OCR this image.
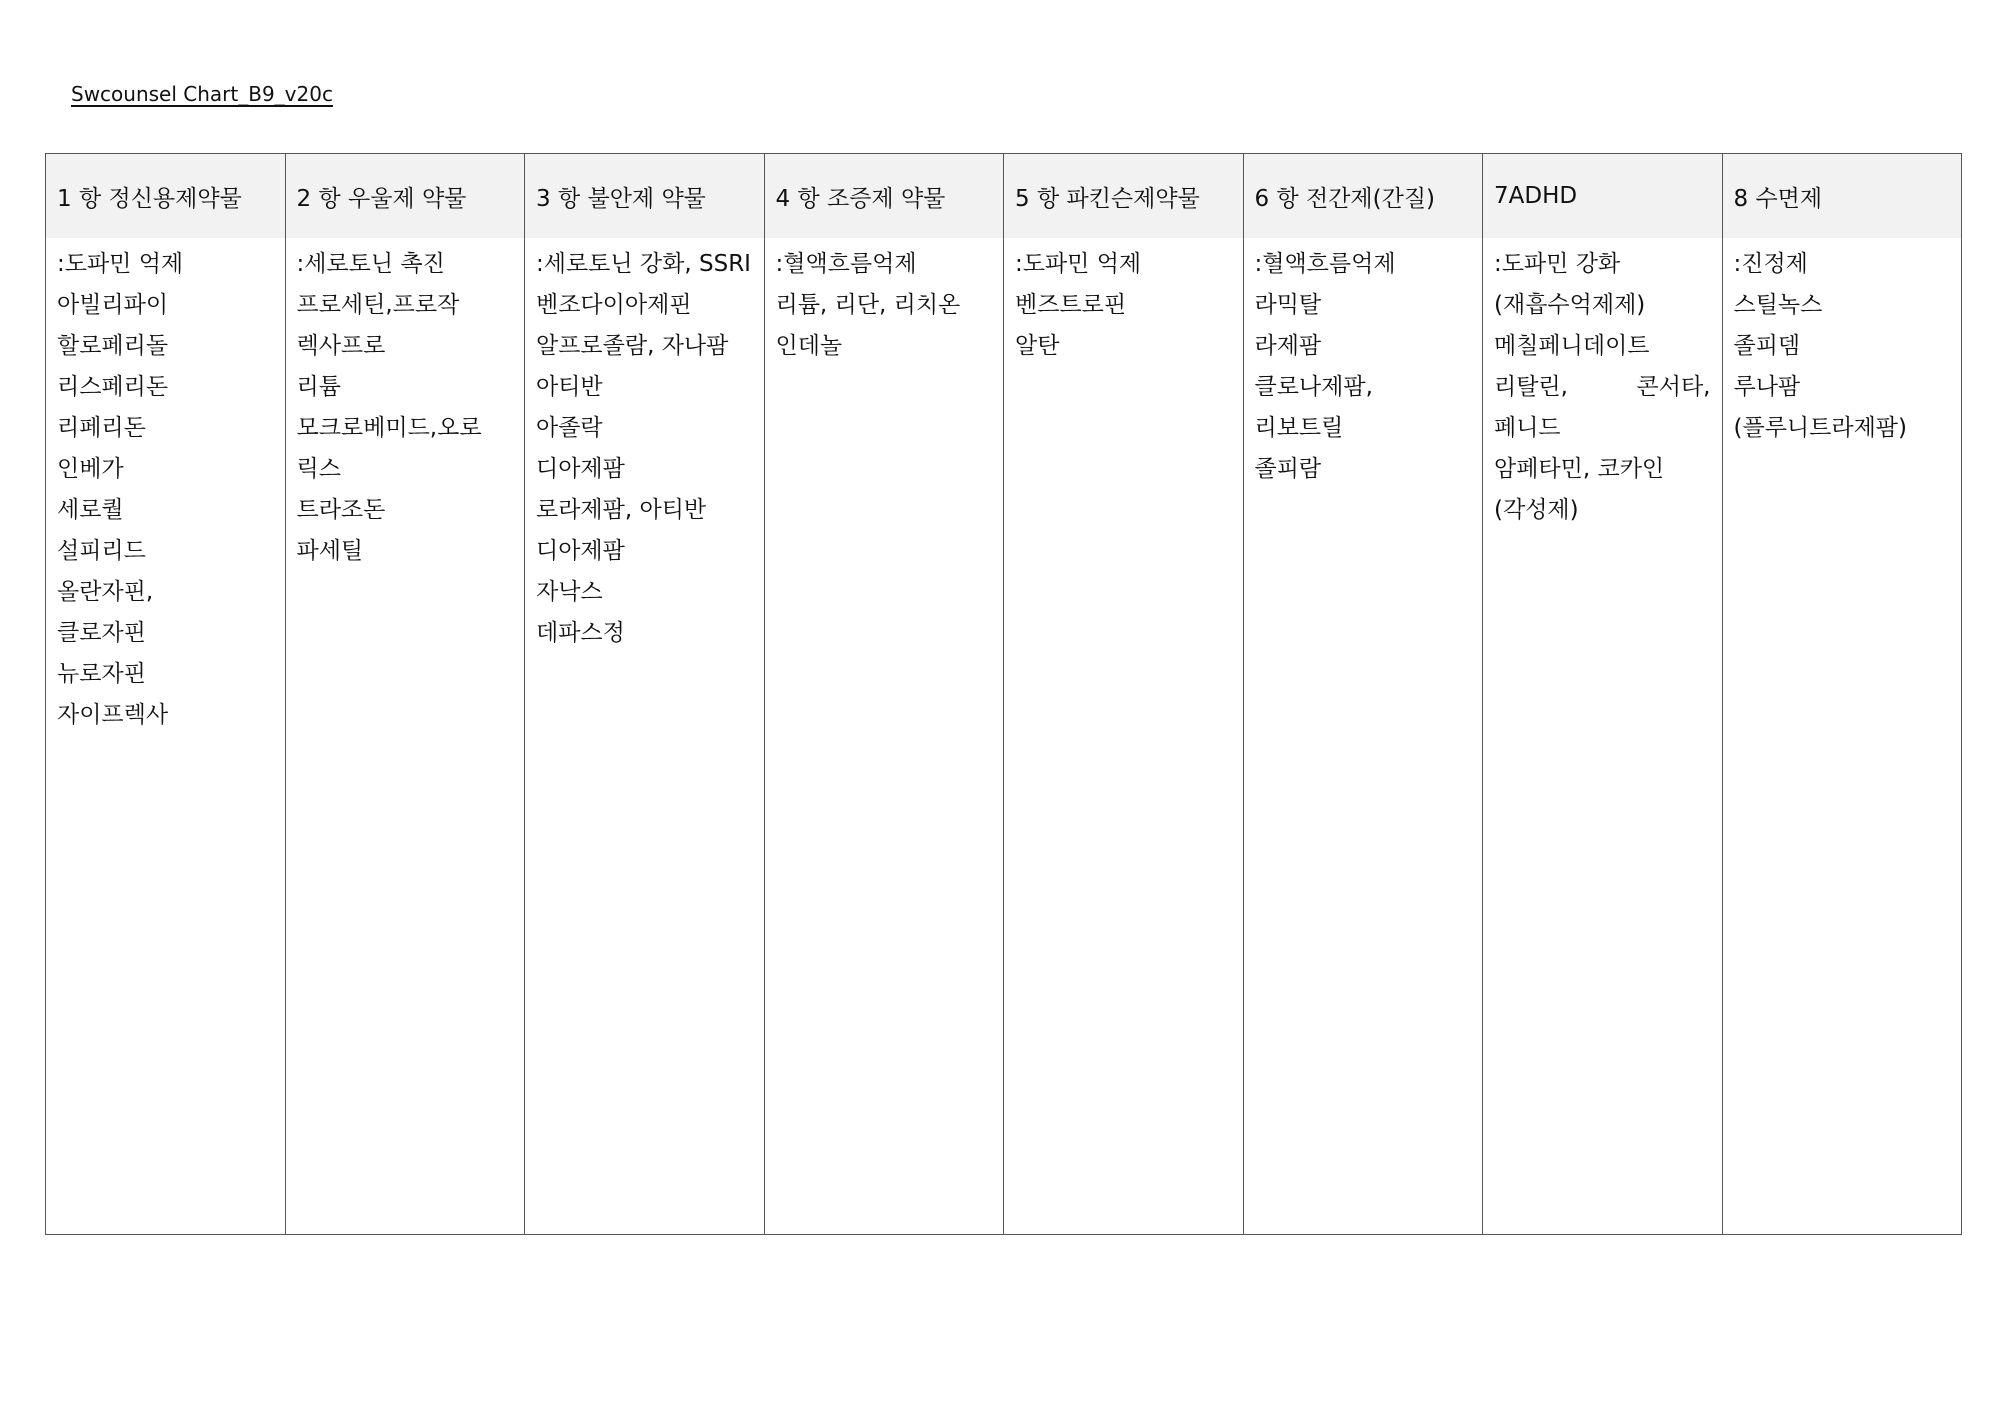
Swcounsel Chart_B9_v20c
1 항 정신용제약물
:도파민 억제
아빌리파이
할로페리돌
리스페리돈
리페리돈
인베가
세로퀄
설피리드
올란자핀,
클로자핀
뉴로자핀
자이프렉사
2 항 우울제 약물
:세로토닌 촉진
프로세틴,프로작
렉사프로
리튬
모크로베미드,오로
릭스
트라조돈
파세틸
3 항 불안제 약물
:세로토닌 강화, SSRI
벤조다이아제핀
알프로졸람, 자나팜
아티반
아졸락
디아제팜
로라제팜, 아티반
디아제팜
자낙스
데파스정
4 항 조증제 약물
:혈액흐름억제
리튬, 리단, 리치온
인데놀
5 항 파킨슨제약물
:도파민 억제
벤즈트로핀
알탄
6 항 전간제(간질)
:혈액흐름억제
라믹탈
라제팜
클로나제팜,
리보트릴
졸피람
7ADHD
:도파민 강화
(재흡수억제제)
메칠페니데이트
리탈린,	콘서타,
페니드
암페타민, 코카인
(각성제)
8 수면제
:진정제
스틸녹스
졸피뎀
루나팜
(플루니트라제팜)
